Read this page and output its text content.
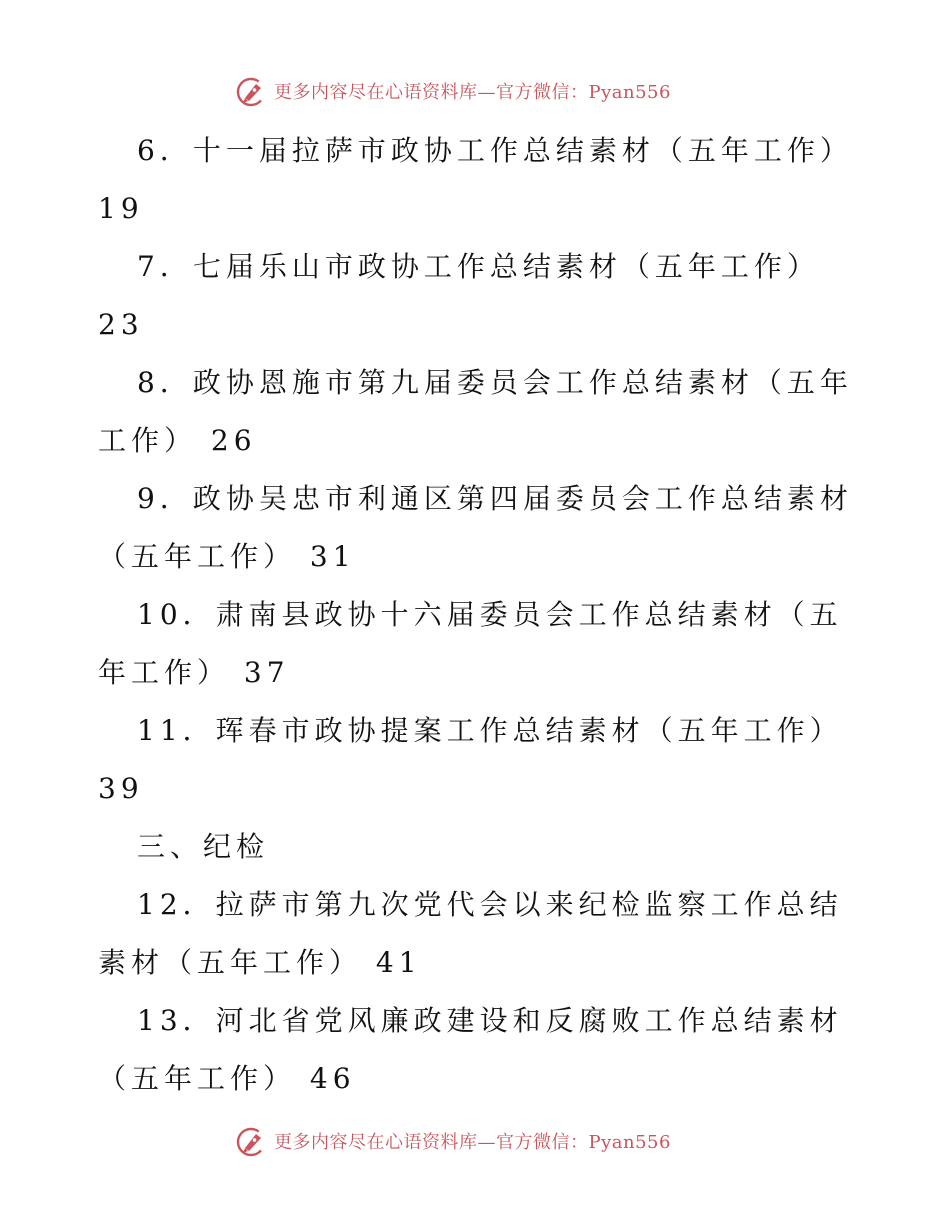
更多内容尽在心语资料库—官方微信：Pyan556

6．十一届拉萨市政协工作总结素材（五年工作） 19

7．七届乐山市政协工作总结素材（五年工作） 23

8．政协恩施市第九届委员会工作总结素材（五年工作） 26

9．政协吴忠市利通区第四届委员会工作总结素材（五年工作） 31

10．肃南县政协十六届委员会工作总结素材（五年工作） 37

11．珲春市政协提案工作总结素材（五年工作） 39

三、纪检

12．拉萨市第九次党代会以来纪检监察工作总结素材（五年工作） 41

13．河北省党风廉政建设和反腐败工作总结素材（五年工作） 46

更多内容尽在心语资料库—官方微信：Pyan556
